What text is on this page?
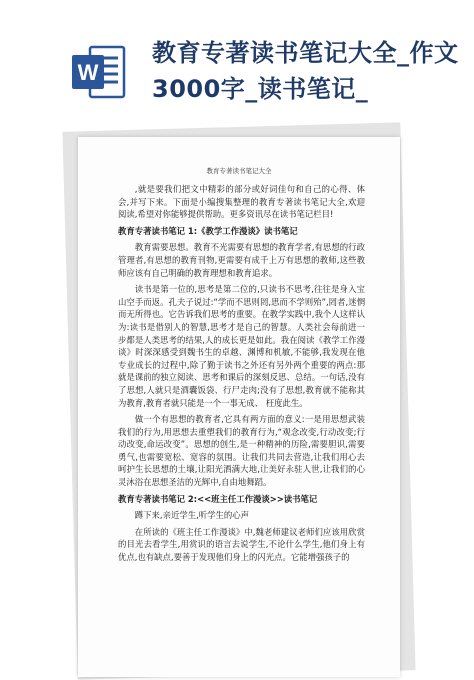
W
教育专著读书笔记大全_作文3000字_读书笔记_
教育专著读书笔记大全

,就是要我们把文中精彩的部分或好词佳句和自己的心得、体会,并写下来。下面是小编搜集整理的教育专著读书笔记大全,欢迎阅读,希望对你能够提供帮助。更多资讯尽在读书笔记栏目!

教育专著读书笔记 1:《教学工作漫谈》读书笔记

教育需要思想。教育不光需要有思想的教育学者,有思想的行政管理者,有思想的教育刊物,更需要有成千上万有思想的教师,这些教师应该有自己明确的教育理想和教育追求。

读书是第一位的,思考是第二位的,只读书不思考,往往是身入宝山空手而返。孔夫子说过:“学而不思则罔,思而不学则殆”,罔者,迷惘而无所得也。它告诉我们思考的重要。在教学实践中,我个人这样认为:读书是借别人的智慧,思考才是自己的智慧。人类社会每前进一步都是人类思考的结果,人的成长更是如此。我在阅读《教学工作漫谈》时深深感受到魏书生的卓越、渊博和机敏,不能够,我发现在他专业成长的过程中,除了勤于读书之外还有另外两个重要的两点:那就是课前的独立阅读、思考和课后的深刻反思、总结。一句话,没有了思想,人就只是酒囊饭袋、行尸走肉;没有了思想,教育就不能称其为教育,教育者就只能是一个一事无成、 枉度此生。

做一个有思想的教育者,它具有两方面的意义:一是用思想武装我们的行为,用思想去重塑我们的教育行为,“观念改变,行动改变;行动改变,命运改变”。思想的创生,是一种精神的历险,需要胆识,需要勇气,也需要宽松、宽容的氛围。让我们共同去营造,让我们用心去呵护生长思想的土壤,让阳光洒满大地,让美好永驻人世,让我们的心灵沐浴在思想圣洁的光辉中,自由地舞蹈。

教育专著读书笔记 2:<<班主任工作漫谈>>读书笔记

蹲下来,亲近学生,听学生的心声

在所读的《班主任工作漫谈》中,魏老师建议老师们应该用欣赏的目光去看学生,用赏识的语言去说学生,不论什么学生,他们身上有优点,也有缺点,要善于发现他们身上的闪光点。它能增强孩子的
